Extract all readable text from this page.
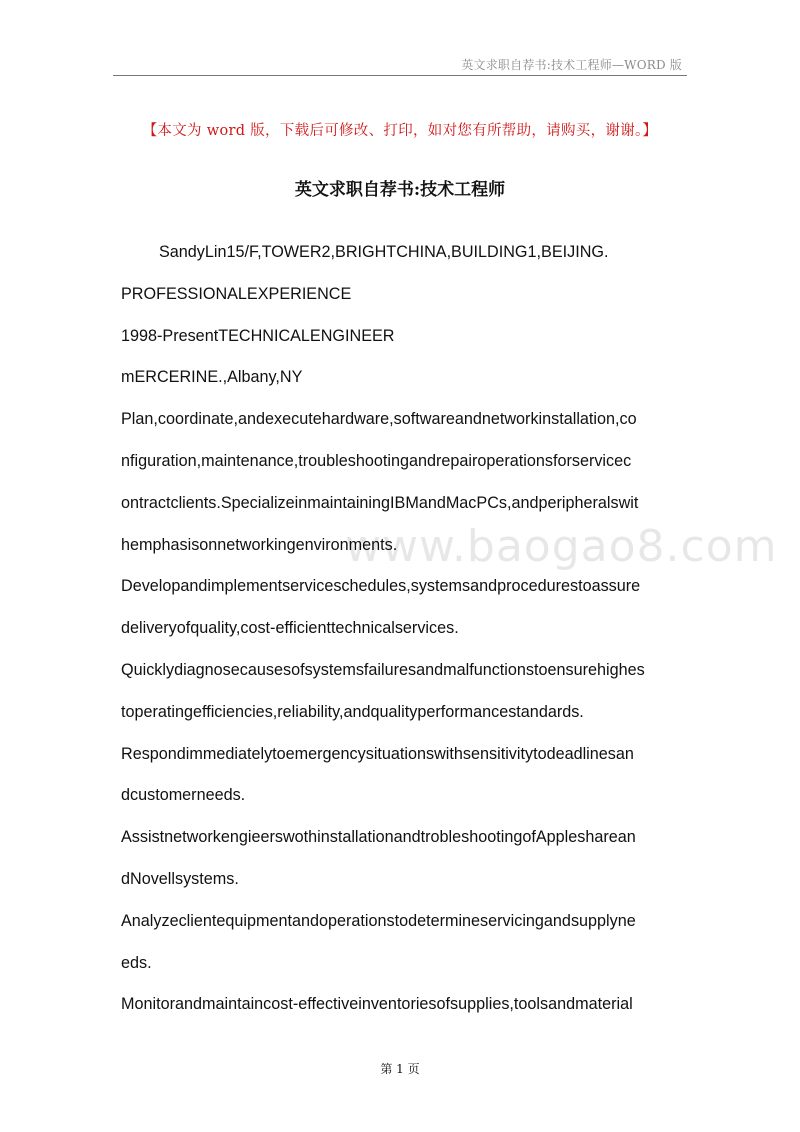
英文求职自荐书:技术工程师—WORD 版
【本文为 word 版，下载后可修改、打印，如对您有所帮助，请购买，谢谢。】
英文求职自荐书:技术工程师
SandyLin15/F,TOWER2,BRIGHTCHINA,BUILDING1,BEIJING.
PROFESSIONALEXPERIENCE
1998-PresentTECHNICALENGINEER
mERCERINE.,Albany,NY
Plan,coordinate,andexecutehardware,softwareandnetworkinstallation,co
nfiguration,maintenance,troubleshootingandrepairoperationsforservicec
ontractclients.SpecializeinmaintainingIBMandMacPCs,andperipheralswit
hemphasisonnetworkingenvironments.
Developandimplementserviceschedules,systemsandprocedurestoassure
deliveryofquality,cost-efficienttechnicalservices.
Quicklydiagnosecausesofsystemsfailuresandmalfunctionstoensurehighes
toperatingefficiencies,reliability,andqualityperformancestandards.
Respondimmediatelytoemergencysituationswithsensitivitytodeadlinesan
dcustomerneeds.
AssistnetworkengieerswothinstallationandtrobleshootingofApplesharean
dNovellsystems.
Analyzeclientequipmentandoperationstodetermineservicingandsupplyne
eds.
Monitorandmaintaincost-effectiveinventoriesofsupplies,toolsandmaterial
www.baogao8.com
第 1 页
